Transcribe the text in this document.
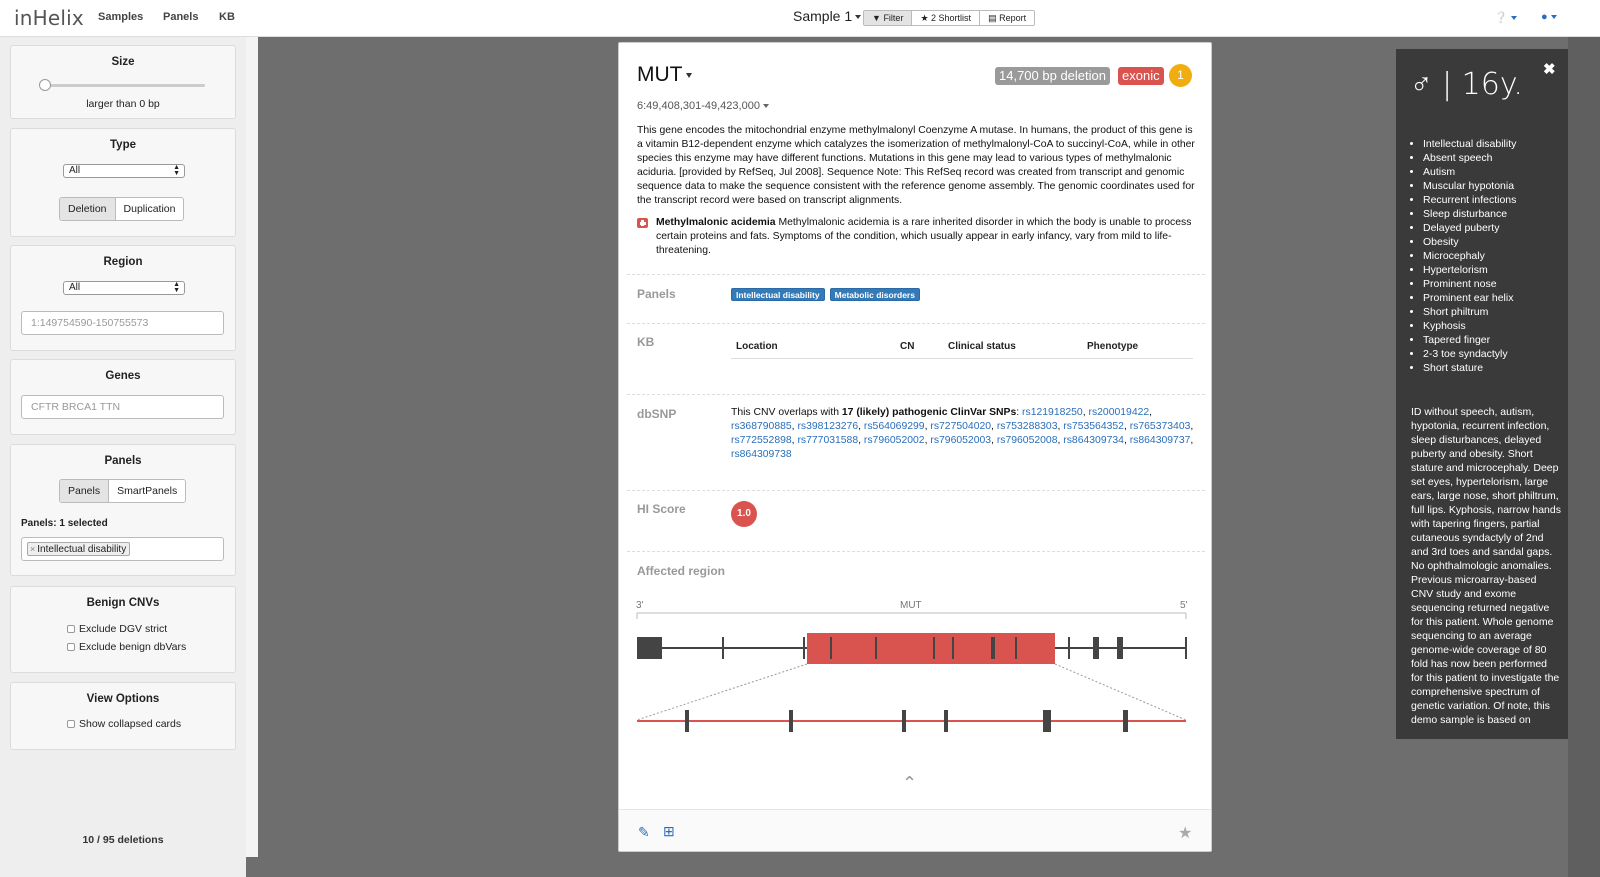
inHelix Samples Panels KB	Sample 1	▼ Filter	★ 2 Shortlist	▤ Report	❔	●
Size
larger than 0 bp
Type
All	▲
▼
Deletion	Duplication
Region
All	▲
▼
1:149754590-150755573
Genes
CFTR BRCA1 TTN
Panels
Panels	SmartPanels
Panels: 1 selected
× Intellectual disability
Benign CNVs
Exclude DGV strict
Exclude benign dbVars
View Options
Show collapsed cards
10 / 95 deletions
MUT	14,700 bp deletion	exonic	1
6:49,408,301-49,423,000
This gene encodes the mitochondrial enzyme methylmalonyl Coenzyme A mutase. In humans, the product of this gene is a vitamin B12-dependent enzyme which catalyzes the isomerization of methylmalonyl-CoA to succinyl-CoA, while in other species this enzyme may have different functions. Mutations in this gene may lead to various types of methylmalonic aciduria. [provided by RefSeq, Jul 2008]. Sequence Note: This RefSeq record was created from transcript and genomic sequence data to make the sequence consistent with the reference genome assembly. The genomic coordinates used for the transcript record were based on transcript alignments.
Methylmalonic acidemia Methylmalonic acidemia is a rare inherited disorder in which the body is unable to process certain proteins and fats. Symptoms of the condition, which usually appear in early infancy, vary from mild to life-threatening.
Panels	Intellectual disability Metabolic disorders
KB	Location	CN	Clinical status	Phenotype
dbSNP	This CNV overlaps with 17 (likely) pathogenic ClinVar SNPs: rs121918250, rs200019422, rs368790885, rs398123276, rs564069299, rs727504020, rs753288303, rs753564352, rs765373403, rs772552898, rs777031588, rs796052002, rs796052003, rs796052008, rs864309734, rs864309737, rs864309738
HI Score	1.0
Affected region
3'	MUT	5'
⌃
✎ ⊞	★
♂ | 16y.
• Intellectual disability
• Absent speech
• Autism
• Muscular hypotonia
• Recurrent infections
• Sleep disturbance
• Delayed puberty
• Obesity
• Microcephaly
• Hypertelorism
• Prominent nose
• Prominent ear helix
• Short philtrum
• Kyphosis
• Tapered finger
• 2-3 toe syndactyly
• Short stature
ID without speech, autism, hypotonia, recurrent infection, sleep disturbances, delayed puberty and obesity. Short stature and microcephaly. Deep set eyes, hypertelorism, large ears, large nose, short philtrum, full lips. Kyphosis, narrow hands with tapering fingers, partial cutaneous syndactyly of 2nd and 3rd toes and sandal gaps. No ophthalmologic anomalies. Previous microarray-based CNV study and exome sequencing returned negative for this patient. Whole genome sequencing to an average genome-wide coverage of 80 fold has now been performed for this patient to investigate the comprehensive spectrum of genetic variation. Of note, this demo sample is based on
✖
